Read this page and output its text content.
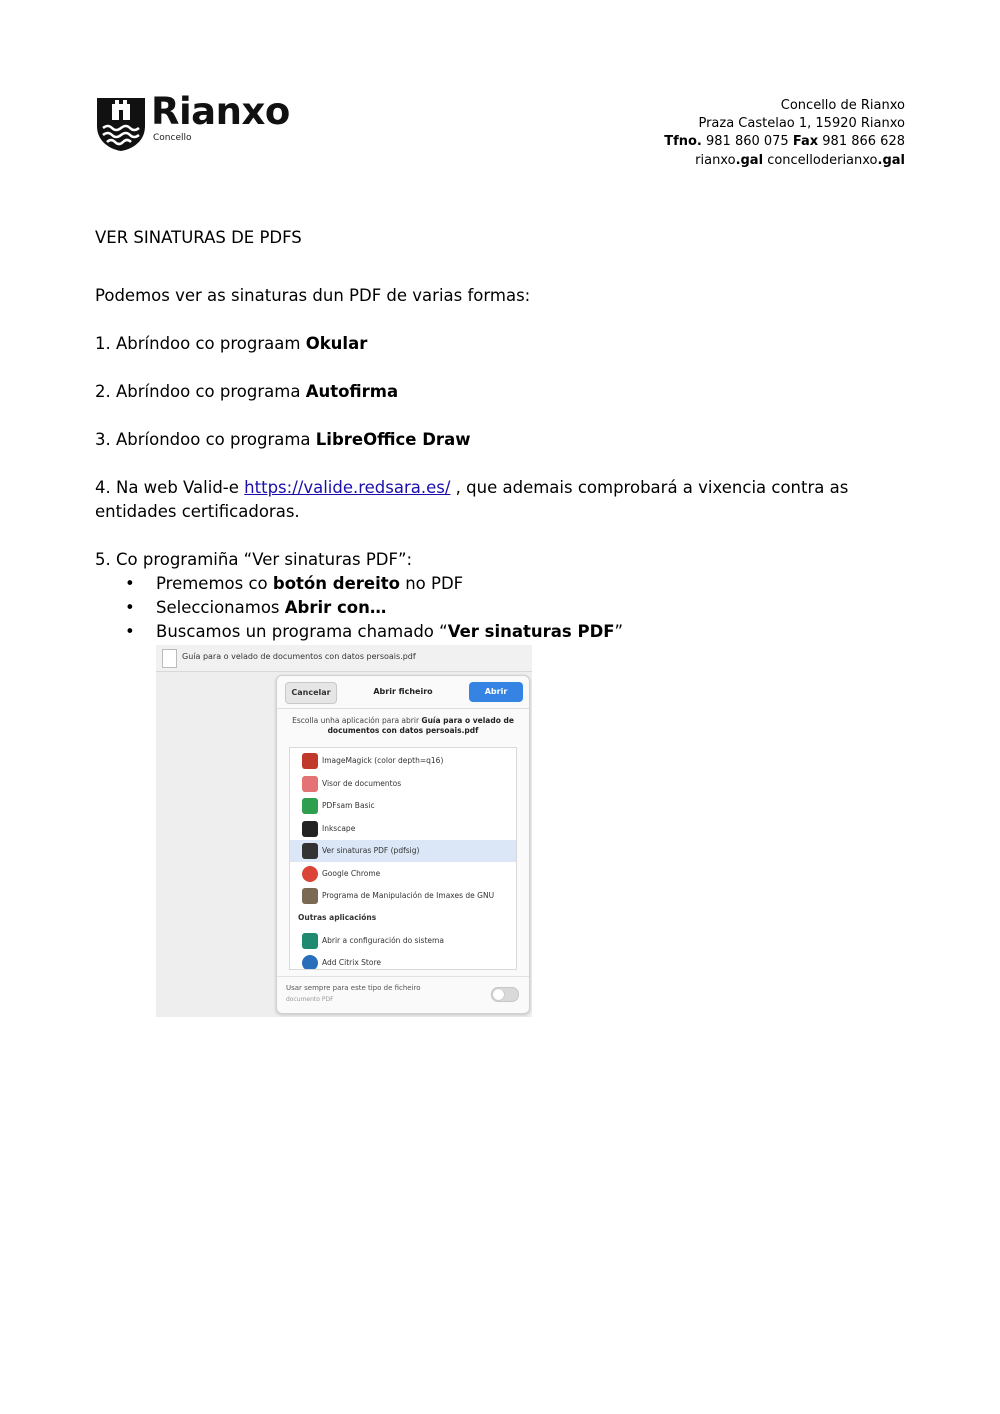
Rianxo
Concello
Concello de Rianxo
Praza Castelao 1, 15920 Rianxo
Tfno. 981 860 075 Fax 981 866 628
rianxo.gal concelloderianxo.gal
VER SINATURAS DE PDFS
Podemos ver as sinaturas dun PDF de varias formas:
1. Abríndoo co prograam Okular
2. Abríndoo co programa Autofirma
3. Abríondoo co programa LibreOffice Draw
4. Na web Valid-e https://valide.redsara.es/ , que ademais comprobará a vixencia contra as
entidades certificadoras.
5. Co programiña “Ver sinaturas PDF”:
• Prememos co botón dereito no PDF
• Seleccionamos Abrir con…
• Buscamos un programa chamado “Ver sinaturas PDF”
Guía para o velado de documentos con datos persoais.pdf
Cancelar	Abrir ficheiro	Abrir
Escolla unha aplicación para abrir Guía para o velado de documentos con datos persoais.pdf
ImageMagick (color depth=q16)
Visor de documentos
PDFsam Basic
Inkscape
Ver sinaturas PDF (pdfsig)
Google Chrome
Programa de Manipulación de Imaxes de GNU
Outras aplicacións
Abrir a configuración do sistema
Add Citrix Store
Usar sempre para este tipo de ficheiro
documento PDF
